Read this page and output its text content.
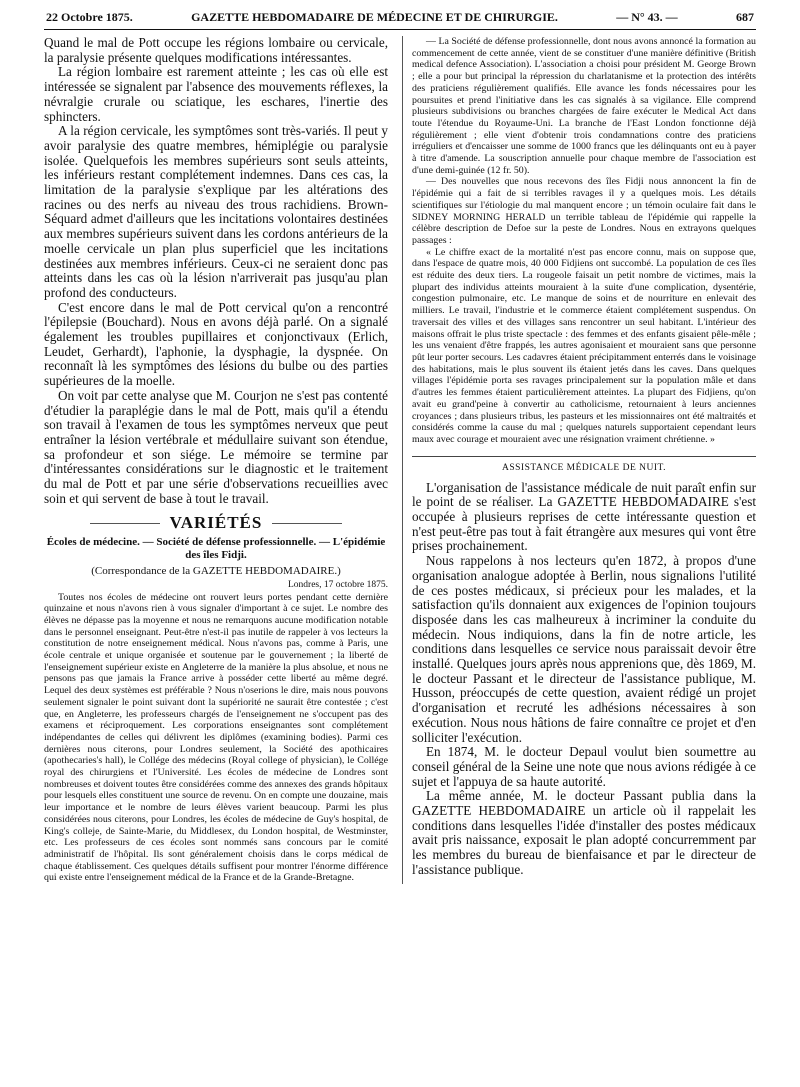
22 Octobre 1875.	GAZETTE HEBDOMADAIRE DE MÉDECINE ET DE CHIRURGIE.	— N° 43. —	687

Quand le mal de Pott occupe les régions lombaire ou cervicale, la paralysie présente quelques modifications intéressantes.

La région lombaire est rarement atteinte ; les cas où elle est intéressée se signalent par l'absence des mouvements réflexes, la névralgie crurale ou sciatique, les eschares, l'inertie des sphincters.

A la région cervicale, les symptômes sont très-variés. Il peut y avoir paralysie des quatre membres, hémiplégie ou paralysie isolée. Quelquefois les membres supérieurs sont seuls atteints, les inférieurs restant complétement indemnes. Dans ces cas, la limitation de la paralysie s'explique par les altérations des racines ou des nerfs au niveau des trous rachidiens. Brown-Séquard admet d'ailleurs que les incitations volontaires destinées aux membres supérieurs suivent dans les cordons antérieurs de la moelle cervicale un plan plus superficiel que les incitations destinées aux membres inférieurs. Ceux-ci ne seraient donc pas atteints dans les cas où la lésion n'arriverait pas jusqu'au plan profond des conducteurs.

C'est encore dans le mal de Pott cervical qu'on a rencontré l'épilepsie (Bouchard). Nous en avons déjà parlé. On a signalé également les troubles pupillaires et conjonctivaux (Erlich, Leudet, Gerhardt), l'aphonie, la dysphagie, la dyspnée. On reconnaît là les symptômes des lésions du bulbe ou des parties supérieures de la moelle.

On voit par cette analyse que M. Courjon ne s'est pas contenté d'étudier la paraplégie dans le mal de Pott, mais qu'il a étendu son travail à l'examen de tous les symptômes nerveux que peut entraîner la lésion vertébrale et médullaire suivant son étendue, sa profondeur et son siége. Le mémoire se termine par d'intéressantes considérations sur le diagnostic et le traitement du mal de Pott et par une série d'observations recueillies avec soin et qui servent de base à tout le travail.

VARIÉTÉS
Écoles de médecine. — Société de défense professionnelle. — L'épidémie des îles Fidji.
(Correspondance de la GAZETTE HEBDOMADAIRE.)
Londres, 17 octobre 1875.

Toutes nos écoles de médecine ont rouvert leurs portes pendant cette dernière quinzaine et nous n'avons rien à vous signaler d'important à ce sujet. Le nombre des élèves ne dépasse pas la moyenne et nous ne remarquons aucune modification notable dans le personnel enseignant. Peut-être n'est-il pas inutile de rappeler à vos lecteurs la constitution de notre enseignement médical. Nous n'avons pas, comme à Paris, une école centrale et unique organisée et soutenue par le gouvernement ; la liberté de l'enseignement supérieur existe en Angleterre de la manière la plus absolue, et nous ne pensons pas que jamais la France arrive à posséder cette liberté au même degré. Lequel des deux systèmes est préférable ? Nous n'oserions le dire, mais nous pouvons seulement signaler le point suivant dont la supériorité ne saurait être contestée ; c'est que, en Angleterre, les professeurs chargés de l'enseignement ne s'occupent pas des examens et réciproquement. Les corporations enseignantes sont complétement indépendantes de celles qui délivrent les diplômes (examining bodies). Parmi ces dernières nous citerons, pour Londres seulement, la Société des apothicaires (apothecaries's hall), le Collége des médecins (Royal college of physician), le Collége royal des chirurgiens et l'Université. Les écoles de médecine de Londres sont nombreuses et doivent toutes être considérées comme des annexes des grands hôpitaux pour lesquels elles constituent une source de revenu. On en compte une douzaine, mais leur importance et le nombre de leurs élèves varient beaucoup. Parmi les plus considérées nous citerons, pour Londres, les écoles de médecine de Guy's hospital, de King's colleje, de Sainte-Marie, du Middlesex, du London hospital, de Westminster, etc. Les professeurs de ces écoles sont nommés sans concours par le comité administratif de l'hôpital. Ils sont généralement choisis dans le corps médical de chaque établissement. Ces quelques détails suffisent pour montrer l'énorme différence qui existe entre l'enseignement médical de la France et de la Grande-Bretagne.

— La Société de défense professionnelle, dont nous avons annoncé la formation au commencement de cette année, vient de se constituer d'une manière définitive (British medical defence Association). L'association a choisi pour président M. George Brown ; elle a pour but principal la répression du charlatanisme et la protection des intérêts des praticiens régulièrement qualifiés. Elle avance les fonds nécessaires pour les poursuites et prend l'initiative dans les cas signalés à sa vigilance. Elle comprend plusieurs subdivisions ou branches chargées de faire exécuter le Medical Act dans toute l'étendue du Royaume-Uni. La branche de l'East London fonctionne déjà régulièrement ; elle vient d'obtenir trois condamnations contre des praticiens irréguliers et d'encaisser une somme de 1000 francs que les délinquants ont eu à payer à titre d'amende. La souscription annuelle pour chaque membre de l'association est d'une demi-guinée (12 fr. 50).

— Des nouvelles que nous recevons des îles Fidji nous annoncent la fin de l'épidémie qui a fait de si terribles ravages il y a quelques mois. Les détails scientifiques sur l'étiologie du mal manquent encore ; un témoin oculaire fait dans le SIDNEY MORNING HERALD un terrible tableau de l'épidémie qui rappelle la célèbre description de Defoe sur la peste de Londres. Nous en extrayons quelques passages :

« Le chiffre exact de la mortalité n'est pas encore connu, mais on suppose que, dans l'espace de quatre mois, 40 000 Fidjiens ont succombé. La population de ces îles est réduite des deux tiers. La rougeole faisait un petit nombre de victimes, mais la plupart des individus atteints mouraient à la suite d'une complication, dysentérie, congestion pulmonaire, etc. Le manque de soins et de nourriture en enlevait des milliers. Le travail, l'industrie et le commerce étaient complétement suspendus. On traversait des villes et des villages sans rencontrer un seul habitant. L'intérieur des maisons offrait le plus triste spectacle : des femmes et des enfants gisaient pêle-mêle ; les uns venaient d'être frappés, les autres agonisaient et mouraient sans que personne pût leur porter secours. Les cadavres étaient précipitamment enterrés dans le voisinage des habitations, mais le plus souvent ils étaient jetés dans les caves. Dans quelques villages l'épidémie porta ses ravages principalement sur la population mâle et dans d'autres les femmes étaient particulièrement atteintes. La plupart des Fidjiens, qu'on avait eu grand'peine à convertir au catholicisme, retournaient à leurs anciennes croyances ; dans plusieurs tribus, les pasteurs et les missionnaires ont été maltraités et considérés comme la cause du mal ; quelques naturels supportaient cependant leurs maux avec courage et mouraient avec une résignation vraiment chrétienne. »

ASSISTANCE MÉDICALE DE NUIT.

L'organisation de l'assistance médicale de nuit paraît enfin sur le point de se réaliser. La GAZETTE HEBDOMADAIRE s'est occupée à plusieurs reprises de cette intéressante question et n'est peut-être pas tout à fait étrangère aux mesures qui vont être prises prochainement.

Nous rappelons à nos lecteurs qu'en 1872, à propos d'une organisation analogue adoptée à Berlin, nous signalions l'utilité de ces postes médicaux, si précieux pour les malades, et la satisfaction qu'ils donnaient aux exigences de l'opinion toujours disposée dans les cas malheureux à incriminer la conduite du médecin. Nous indiquions, dans la fin de notre article, les conditions dans lesquelles ce service nous paraissait devoir être installé. Quelques jours après nous apprenions que, dès 1869, M. le docteur Passant et le directeur de l'assistance publique, M. Husson, préoccupés de cette question, avaient rédigé un projet d'organisation et recruté les adhésions nécessaires à son exécution. Nous nous hâtions de faire connaître ce projet et d'en solliciter l'exécution.

En 1874, M. le docteur Depaul voulut bien soumettre au conseil général de la Seine une note que nous avions rédigée à ce sujet et l'appuya de sa haute autorité.

La même année, M. le docteur Passant publia dans la GAZETTE HEBDOMADAIRE un article où il rappelait les conditions dans lesquelles l'idée d'installer des postes médicaux avait pris naissance, exposait le plan adopté concurremment par les membres du bureau de bienfaisance et par le directeur de l'assistance publique.
